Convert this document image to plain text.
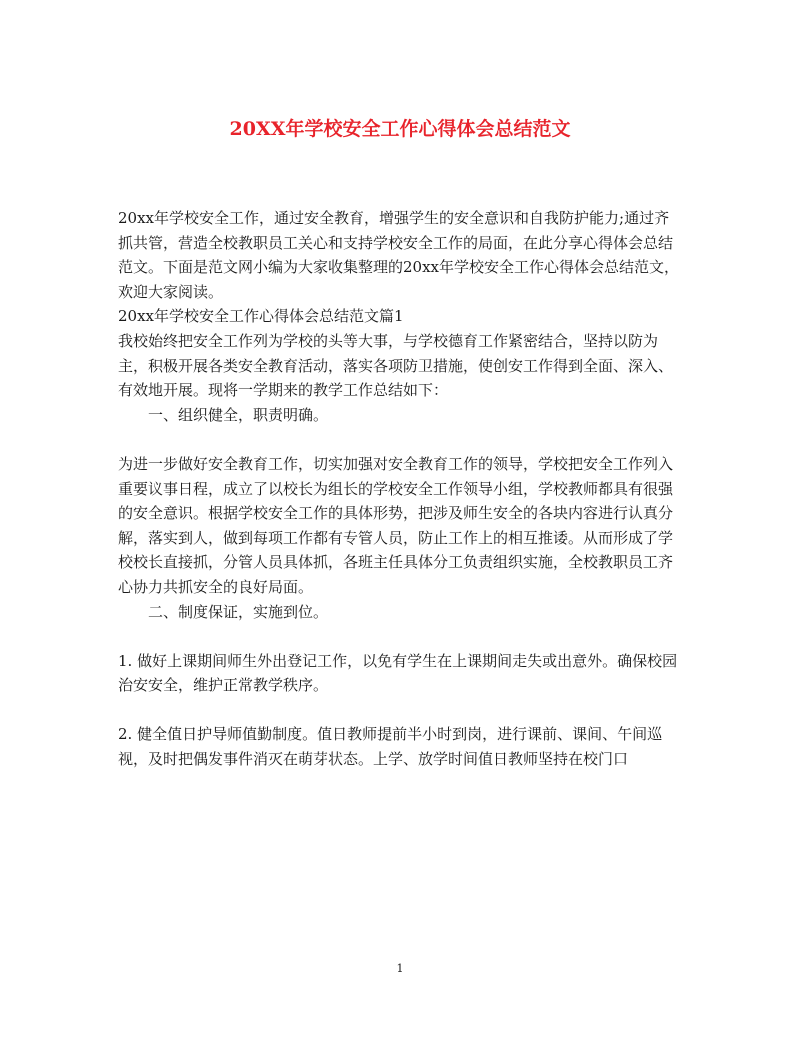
20XX年学校安全工作心得体会总结范文

20xx年学校安全工作，通过安全教育，增强学生的安全意识和自我防护能力;通过齐抓共管，营造全校教职员工关心和支持学校安全工作的局面，在此分享心得体会总结范文。下面是范文网小编为大家收集整理的20xx年学校安全工作心得体会总结范文，欢迎大家阅读。

20xx年学校安全工作心得体会总结范文篇1

我校始终把安全工作列为学校的头等大事，与学校德育工作紧密结合，坚持以防为主，积极开展各类安全教育活动，落实各项防卫措施，使创安工作得到全面、深入、有效地开展。现将一学期来的教学工作总结如下：

一、组织健全，职责明确。

为进一步做好安全教育工作，切实加强对安全教育工作的领导，学校把安全工作列入重要议事日程，成立了以校长为组长的学校安全工作领导小组，学校教师都具有很强的安全意识。根据学校安全工作的具体形势，把涉及师生安全的各块内容进行认真分解，落实到人，做到每项工作都有专管人员，防止工作上的相互推诿。从而形成了学校校长直接抓，分管人员具体抓，各班主任具体分工负责组织实施，全校教职员工齐心协力共抓安全的良好局面。

二、制度保证，实施到位。

1. 做好上课期间师生外出登记工作，以免有学生在上课期间走失或出意外。确保校园治安安全，维护正常教学秩序。

2. 健全值日护导师值勤制度。值日教师提前半小时到岗，进行课前、课间、午间巡视，及时把偶发事件消灭在萌芽状态。上学、放学时间值日教师坚持在校门口

1
